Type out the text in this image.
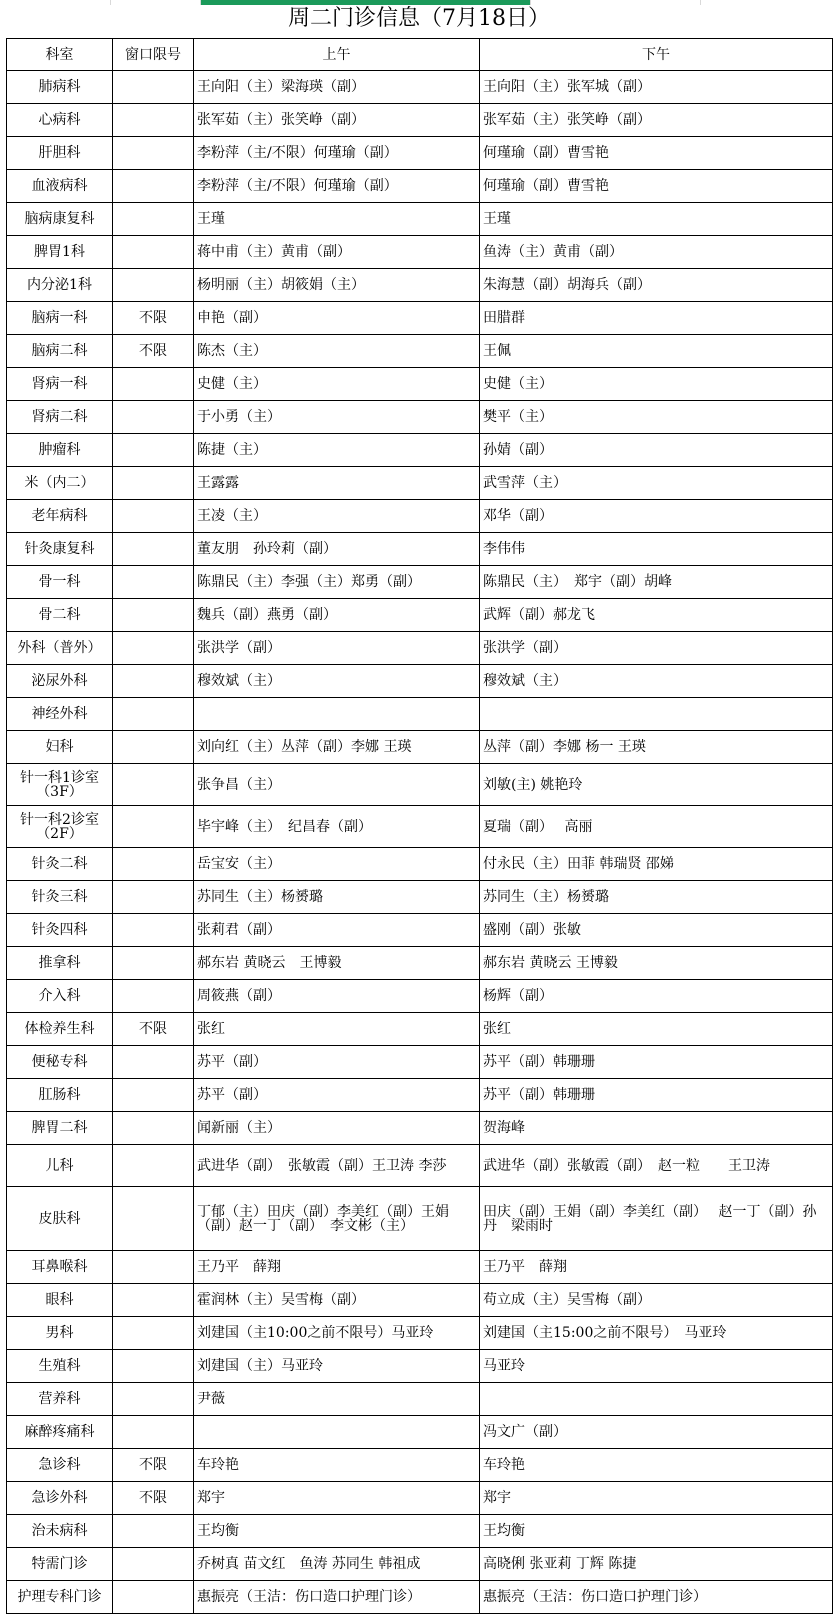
周二门诊信息（7月18日）
科室	窗口限号	上午	下午
肺病科		王向阳（主）梁海瑛（副）	王向阳（主）张军城（副）
心病科		张军茹（主）张笑峥（副）	张军茹（主）张笑峥（副）
肝胆科		李粉萍（主/不限）何瑾瑜（副）	何瑾瑜（副）曹雪艳
血液病科		李粉萍（主/不限）何瑾瑜（副）	何瑾瑜（副）曹雪艳
脑病康复科		王瑾	王瑾
脾胃1科		蒋中甫（主）黄甫（副）	鱼涛（主）黄甫（副）
内分泌1科		杨明丽（主）胡筱娟（主）	朱海慧（副）胡海兵（副）
脑病一科	不限	申艳（副）	田腊群
脑病二科	不限	陈杰（主）	王佩
肾病一科		史健（主）	史健（主）
肾病二科		于小勇（主）	樊平（主）
肿瘤科		陈捷（主）	孙婧（副）
米（内二）		王露露	武雪萍（主）
老年病科		王凌（主）	邓华（副）
针灸康复科		董友朋　孙玲莉（副）	李伟伟
骨一科		陈鼎民（主）李强（主）郑勇（副）	陈鼎民（主）　郑宇（副）胡峰
骨二科		魏兵（副）燕勇（副）	武辉（副）郝龙飞
外科（普外）		张洪学（副）	张洪学（副）
泌尿外科		穆效斌（主）	穆效斌（主）
神经外科			
妇科		刘向红（主）丛萍（副）李娜 王瑛	丛萍（副）李娜 杨一 王瑛
针一科1诊室（3F）		张争昌（主）	刘敏(主) 姚艳玲
针一科2诊室（2F）		毕宇峰（主）　纪昌春（副）	夏瑞（副）　 高丽
针灸二科		岳宝安（主）	付永民（主）田菲 韩瑞贤 邵娣
针灸三科		苏同生（主）杨赟璐	苏同生（主）杨赟璐
针灸四科		张莉君（副）	盛刚（副）张敏
推拿科		郝东岩 黄晓云　王博毅	郝东岩 黄晓云 王博毅
介入科		周筱燕（副）	杨辉（副）
体检养生科	不限	张红	张红
便秘专科		苏平（副）	苏平（副）韩珊珊
肛肠科		苏平（副）	苏平（副）韩珊珊
脾胃二科		闻新丽（主）	贺海峰
儿科		武进华（副）　张敏霞（副）王卫涛 李莎	武进华（副）张敏霞（副）　赵一粒　　王卫涛
皮肤科		丁郁（主）田庆（副）李美红（副）王娟（副）赵一丁（副）　李文彬（主）	田庆（副）王娟（副）李美红（副）　 赵一丁（副）孙丹　梁雨时
耳鼻喉科		王乃平　薛翔	王乃平　薛翔
眼科		霍润林（主）吴雪梅（副）	苟立成（主）吴雪梅（副）
男科		刘建国（主10:00之前不限号）马亚玲	刘建国（主15:00之前不限号）　马亚玲
生殖科		刘建国（主）马亚玲	马亚玲
营养科		尹薇	
麻醉疼痛科			冯文广（副）
急诊科	不限	车玲艳	车玲艳
急诊外科	不限	郑宇	郑宇
治未病科		王均衡	王均衡
特需门诊		乔树真 苗文红　鱼涛 苏同生 韩祖成	高晓俐 张亚莉 丁辉 陈捷
护理专科门诊		惠振亮（王洁：伤口造口护理门诊）	惠振亮（王洁：伤口造口护理门诊）
